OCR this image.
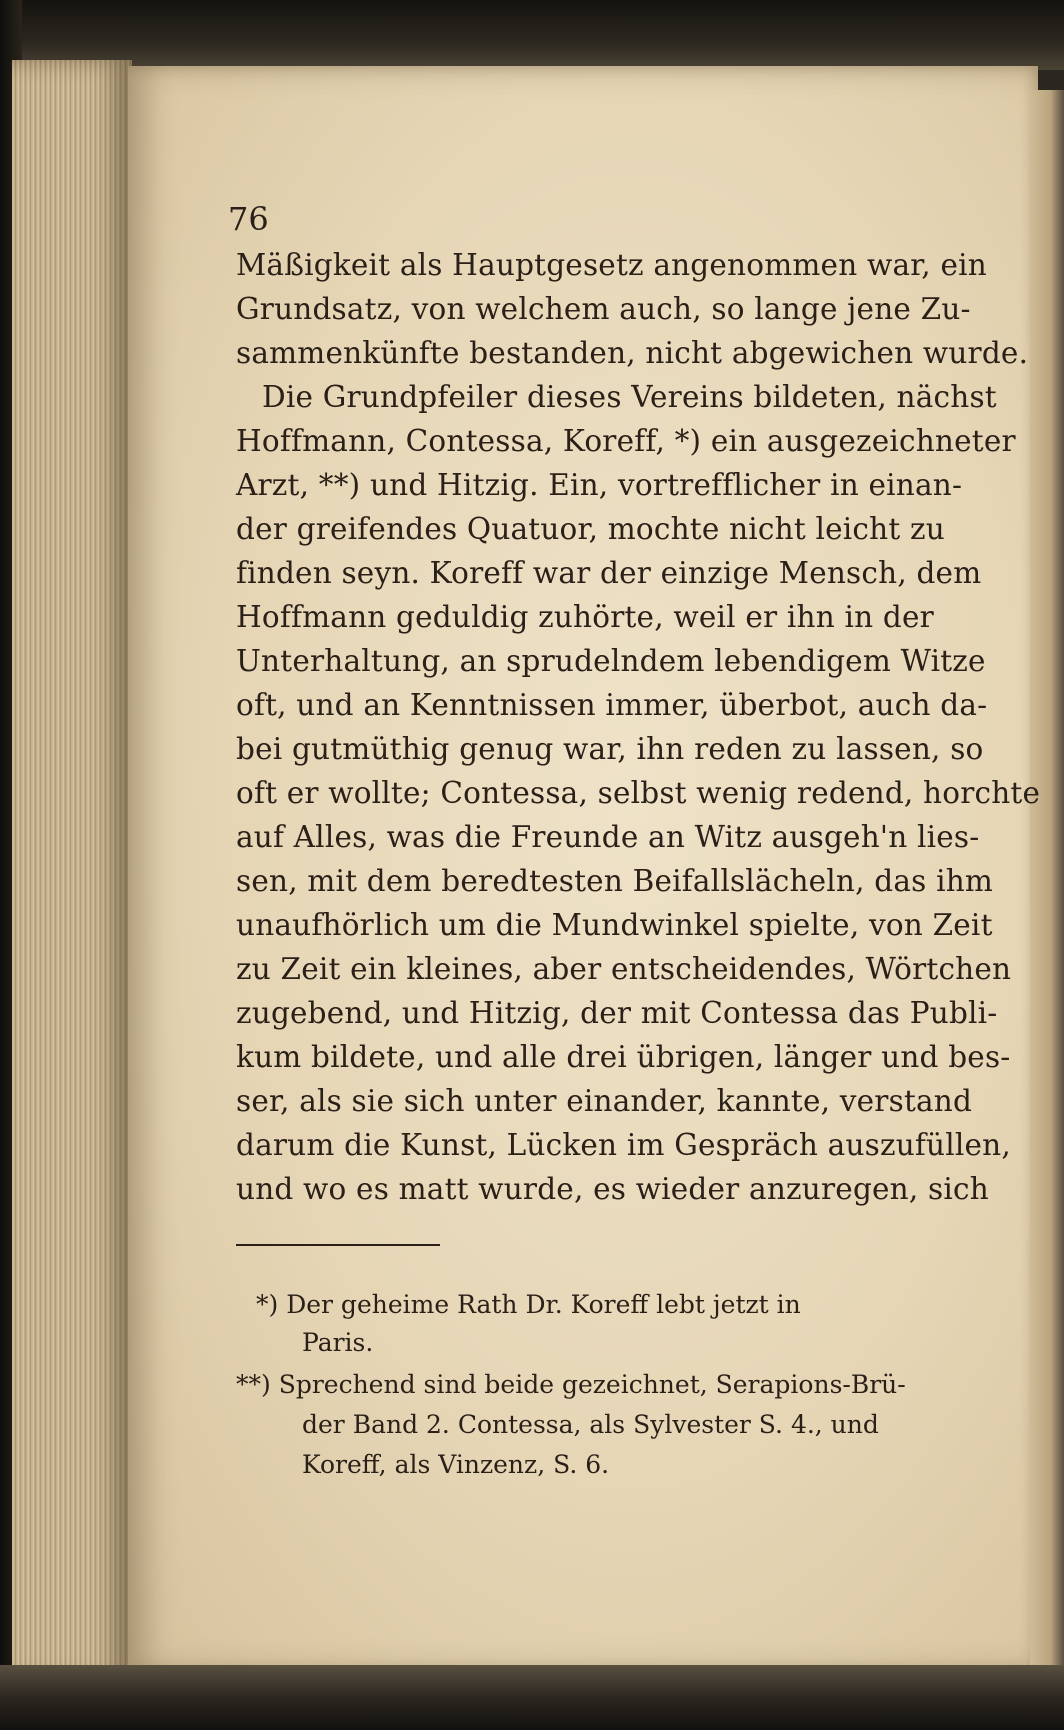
76
Mäßigkeit als Hauptgesetz angenommen war, ein
Grundsatz, von welchem auch, so lange jene Zu-
sammenkünfte bestanden, nicht abgewichen wurde.
Die Grundpfeiler dieses Vereins bildeten, nächst
Hoffmann, Contessa, Koreff, *) ein ausgezeichneter
Arzt, **) und Hitzig. Ein, vortrefflicher in einan-
der greifendes Quatuor, mochte nicht leicht zu
finden seyn. Koreff war der einzige Mensch, dem
Hoffmann geduldig zuhörte, weil er ihn in der
Unterhaltung, an sprudelndem lebendigem Witze
oft, und an Kenntnissen immer, überbot, auch da-
bei gutmüthig genug war, ihn reden zu lassen, so
oft er wollte; Contessa, selbst wenig redend, horchte
auf Alles, was die Freunde an Witz ausgeh'n lies-
sen, mit dem beredtesten Beifallslächeln, das ihm
unaufhörlich um die Mundwinkel spielte, von Zeit
zu Zeit ein kleines, aber entscheidendes, Wörtchen
zugebend, und Hitzig, der mit Contessa das Publi-
kum bildete, und alle drei übrigen, länger und bes-
ser, als sie sich unter einander, kannte, verstand
darum die Kunst, Lücken im Gespräch auszufüllen,
und wo es matt wurde, es wieder anzuregen, sich
*) Der geheime Rath Dr. Koreff lebt jetzt in
Paris.
**) Sprechend sind beide gezeichnet, Serapions-Brü-
der Band 2. Contessa, als Sylvester S. 4., und
Koreff, als Vinzenz, S. 6.
